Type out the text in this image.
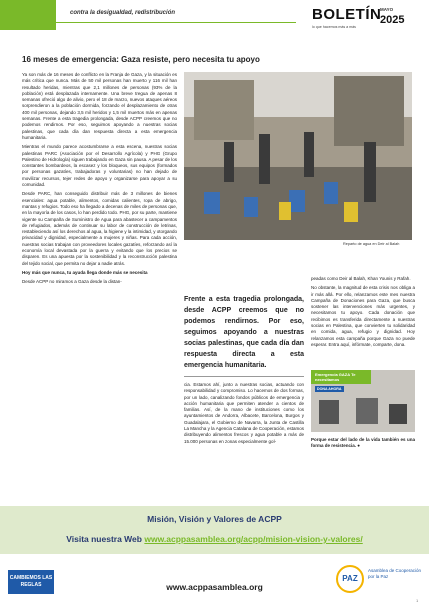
contra la desigualdad, redistribución	BOLETÍN
lo que hacemos más a más
MAYO
2025
16 meses de emergencia: Gaza resiste, pero necesita tu apoyo

Ya son más de 16 meses de conflicto en la Franja de Gaza, y la situación es más crítica que nunca. Más de 50 mil personas han muerto y 116 mil han resultado heridas, mientras que 2,1 millones de personas (93% de la población) está desplazada internamente. Una breve tregua de apenas 8 semanas ofreció algo de alivio, pero el 18 de marzo, nuevos ataques aéreos sorprendieron a la población dormida, forzando el desplazamiento de otras 400 mil personas, dejando 3,5 mil heridos y 1,5 mil muertos más en apenas semanas. Frente a esta tragedia prolongada, desde ACPP creemos que no podemos rendirnos. Por eso, seguimos apoyando a nuestras socias palestinas, que cada día dan respuesta directa a esta emergencia humanitaria.

Mientras el mundo parece acostumbrarse a esta escena, nuestras socias palestinas PARC (Asociación por el Desarrollo Agrícola) y PHG (Grupo Palestino de Hidrología) siguen trabajando en Gaza sin pausa. A pesar de los constantes bombardeos, la escasez y los bloqueos, sus equipos (formados por personas gazatíes, trabajadoras y voluntarias) no han dejado de movilizar recursos, tejer redes de apoyo y organizarse para apoyar a su comunidad.

Desde PARC, han conseguido distribuir más de 3 millones de bienes esenciales: agua potable, alimentos, comidas calientes, ropa de abrigo, mantas y refugios. Todo eso ha llegado a decenas de miles de personas que, en la mayoría de los casos, lo han perdido todo. PHG, por su parte, mantiene vigente su Campaña de Suministro de Agua para abastecer a campamentos de refugiados, además de continuar su labor de construcción de letrinas, restableciendo así los derechos al agua, la higiene y la intimidad, y otorgando privacidad y dignidad, especialmente a mujeres y niñas. Para cada acción, nuestras socias trabajan con proveedores locales gazatíes, reforzando así la economía local devastada por la guerra y evitando que los precios se disparen. Es una apuesta por la sostenibilidad y la reconstrucción palestina del tejido social, que permita no dejar a nadie atrás.

Hoy más que nunca, tu ayuda llega donde más se necesita

Desde ACPP no miramos a Gaza desde la distan-

Reparto de agua en Deir al Balah
Frente a esta tragedia prolongada, desde ACPP creemos que no podemos rendirnos. Por eso, seguimos apoyando a nuestras socias palestinas, que cada día dan respuesta directa a esta emergencia humanitaria.

cia. Estamos ahí, junto a nuestras socias, actuando con responsabilidad y compromiso. Lo hacemos de dos formas, por un lado, canalizando fondos públicos de emergencia y acción humanitaria que permiten atender a cientos de familias. Así, de la mano de instituciones como los ayuntamientos de Andorra, Albacete, Barcelona, Burgos y Guadalajara, el Gobierno de Navarra, la Junta de Castilla La Mancha y la Agencia Catalana de Cooperación, estamos distribuyendo alimentos frescos y agua potable a más de 15.000 personas en zonas especialmente gol-

peadas como Deir al Balah, Khan Younis y Rafah.

No obstante, la magnitud de esta crisis nos obliga a ir más allá. Por ello, relanzamos este mes nuestra Campaña de Donaciones para Gaza, que busca sostener las intervenciones más urgentes, y necesitamos tu apoyo. Cada donación que recibimos es transferida directamente a nuestras socias en Palestina, que convierten tu solidaridad en comida, agua, refugio y dignidad. Hoy relanzamos esta campaña porque Gaza no puede esperar. Entra aquí, infórmate, comparte, dona.

Emergencia GAZA Te necesitamos
DONA AHORA

Porque estar del lado de la vida también es una forma de resistencia. ●

Misión, Visión y Valores de ACPP
Visita nuestra Web www.acppasamblea.org/acpp/mision-vision-y-valores/
CAMBIEMOS LAS REGLAS	www.acppasamblea.org
PAZ
Asamblea de Cooperación por la Paz
1
